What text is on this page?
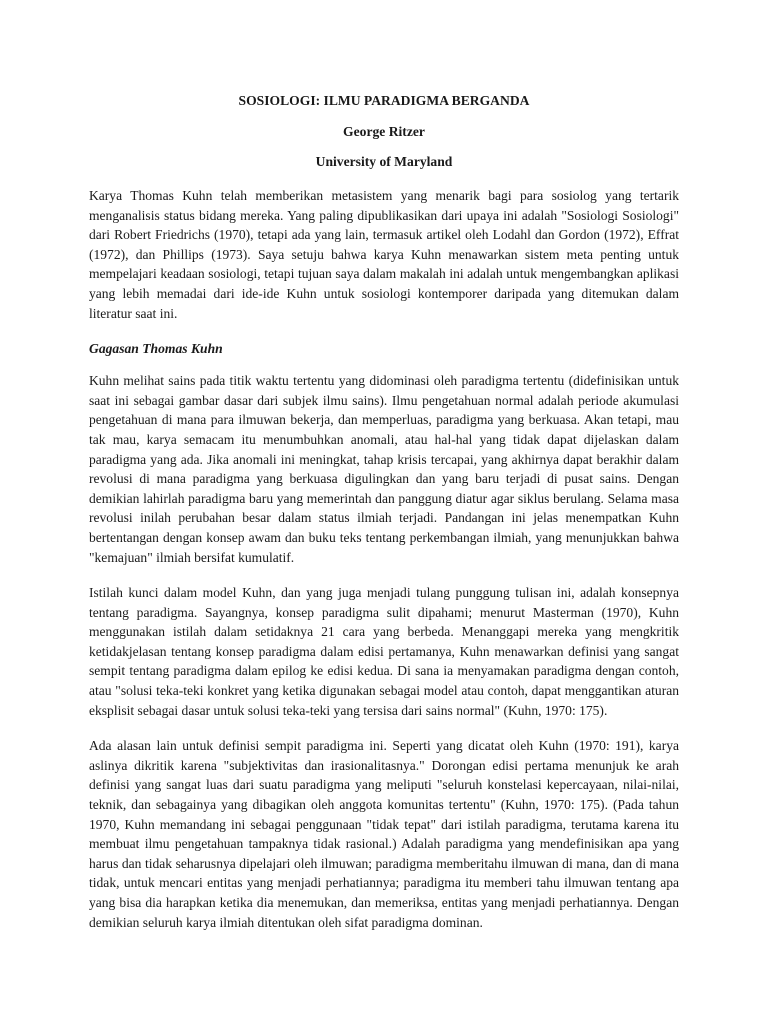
SOSIOLOGI: ILMU PARADIGMA BERGANDA

George Ritzer

University of Maryland

Karya Thomas Kuhn telah memberikan metasistem yang menarik bagi para sosiolog yang tertarik menganalisis status bidang mereka. Yang paling dipublikasikan dari upaya ini adalah "Sosiologi Sosiologi" dari Robert Friedrichs (1970), tetapi ada yang lain, termasuk artikel oleh Lodahl dan Gordon (1972), Effrat (1972), dan Phillips (1973). Saya setuju bahwa karya Kuhn menawarkan sistem meta penting untuk mempelajari keadaan sosiologi, tetapi tujuan saya dalam makalah ini adalah untuk mengembangkan aplikasi yang lebih memadai dari ide-ide Kuhn untuk sosiologi kontemporer daripada yang ditemukan dalam literatur saat ini.

Gagasan Thomas Kuhn

Kuhn melihat sains pada titik waktu tertentu yang didominasi oleh paradigma tertentu (didefinisikan untuk saat ini sebagai gambar dasar dari subjek ilmu sains). Ilmu pengetahuan normal adalah periode akumulasi pengetahuan di mana para ilmuwan bekerja, dan memperluas, paradigma yang berkuasa. Akan tetapi, mau tak mau, karya semacam itu menumbuhkan anomali, atau hal-hal yang tidak dapat dijelaskan dalam paradigma yang ada. Jika anomali ini meningkat, tahap krisis tercapai, yang akhirnya dapat berakhir dalam revolusi di mana paradigma yang berkuasa digulingkan dan yang baru terjadi di pusat sains. Dengan demikian lahirlah paradigma baru yang memerintah dan panggung diatur agar siklus berulang. Selama masa revolusi inilah perubahan besar dalam status ilmiah terjadi. Pandangan ini jelas menempatkan Kuhn bertentangan dengan konsep awam dan buku teks tentang perkembangan ilmiah, yang menunjukkan bahwa "kemajuan" ilmiah bersifat kumulatif.

Istilah kunci dalam model Kuhn, dan yang juga menjadi tulang punggung tulisan ini, adalah konsepnya tentang paradigma. Sayangnya, konsep paradigma sulit dipahami; menurut Masterman (1970), Kuhn menggunakan istilah dalam setidaknya 21 cara yang berbeda. Menanggapi mereka yang mengkritik ketidakjelasan tentang konsep paradigma dalam edisi pertamanya, Kuhn menawarkan definisi yang sangat sempit tentang paradigma dalam epilog ke edisi kedua. Di sana ia menyamakan paradigma dengan contoh, atau "solusi teka-teki konkret yang ketika digunakan sebagai model atau contoh, dapat menggantikan aturan eksplisit sebagai dasar untuk solusi teka-teki yang tersisa dari sains normal" (Kuhn, 1970: 175).

Ada alasan lain untuk definisi sempit paradigma ini. Seperti yang dicatat oleh Kuhn (1970: 191), karya aslinya dikritik karena "subjektivitas dan irasionalitasnya." Dorongan edisi pertama menunjuk ke arah definisi yang sangat luas dari suatu paradigma yang meliputi "seluruh konstelasi kepercayaan, nilai-nilai, teknik, dan sebagainya yang dibagikan oleh anggota komunitas tertentu" (Kuhn, 1970: 175). (Pada tahun 1970, Kuhn memandang ini sebagai penggunaan "tidak tepat" dari istilah paradigma, terutama karena itu membuat ilmu pengetahuan tampaknya tidak rasional.) Adalah paradigma yang mendefinisikan apa yang harus dan tidak seharusnya dipelajari oleh ilmuwan; paradigma memberitahu ilmuwan di mana, dan di mana tidak, untuk mencari entitas yang menjadi perhatiannya; paradigma itu memberi tahu ilmuwan tentang apa yang bisa dia harapkan ketika dia menemukan, dan memeriksa, entitas yang menjadi perhatiannya. Dengan demikian seluruh karya ilmiah ditentukan oleh sifat paradigma dominan.
